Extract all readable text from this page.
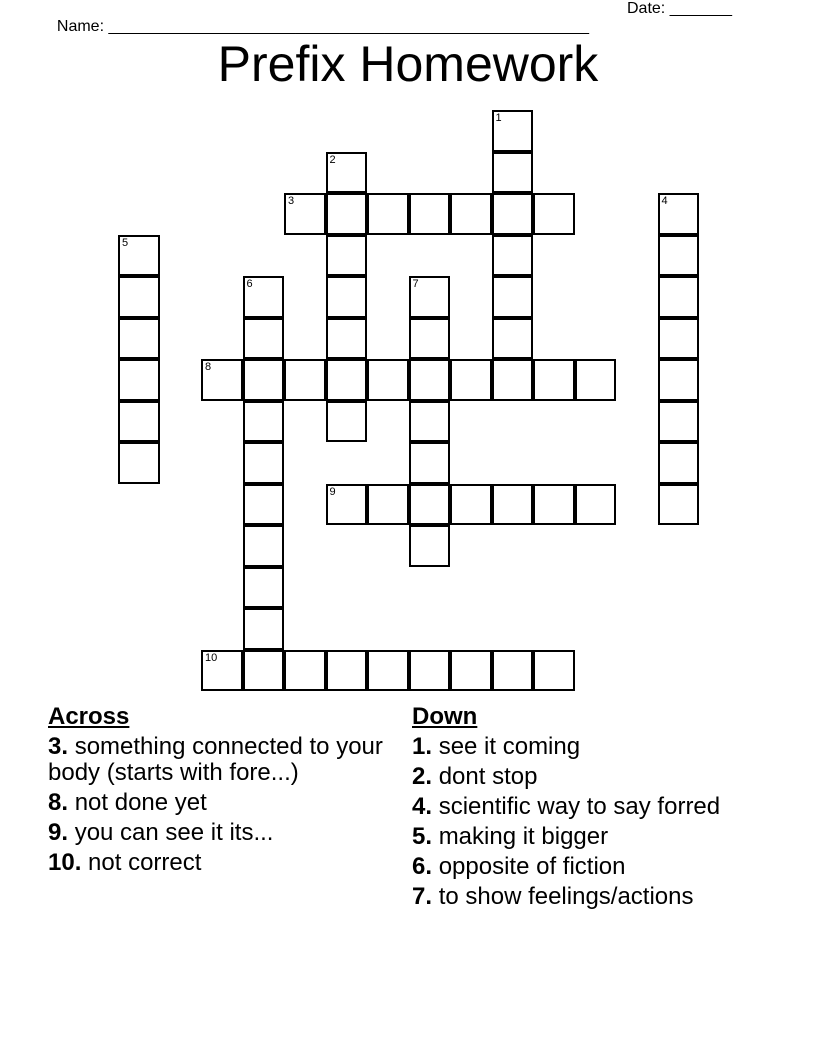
Name: ______________________________________________________

Date: _______

Prefix Homework
1
2
3	4
5
6	7
8
9
10
Across
3. something connected to your body (starts with fore...)
8. not done yet
9. you can see it its...
10. not correct
Down
1. see it coming
2. dont stop
4. scientific way to say forred
5. making it bigger
6. opposite of fiction
7. to show feelings/actions
